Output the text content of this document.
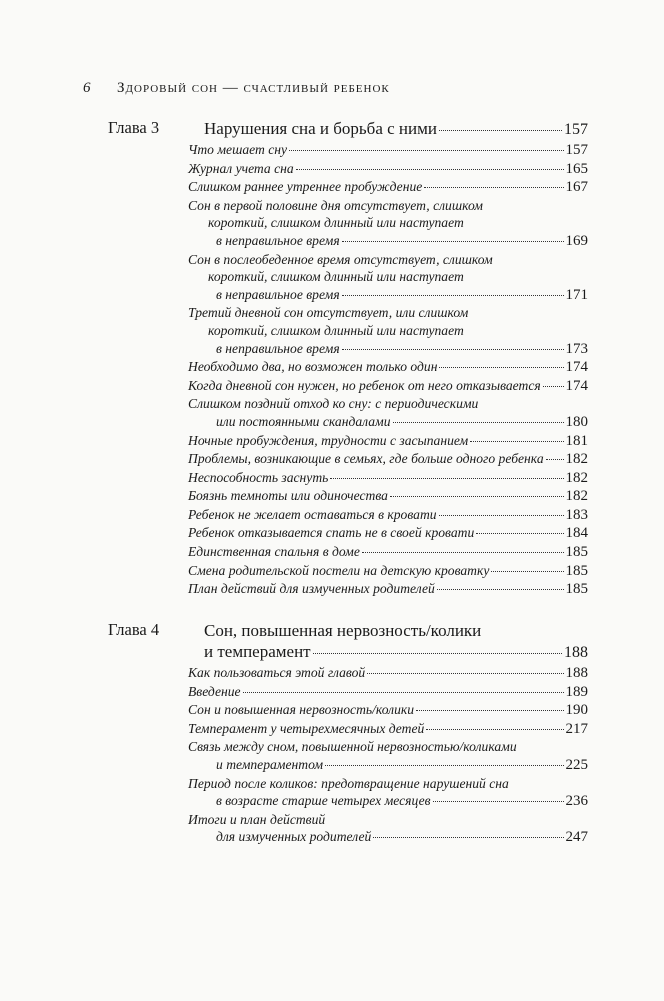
6 Здоровый сон — счастливый ребенок
Глава 3	Нарушения сна и борьба с ними	157
Что мешает сну	157
Журнал учета сна	165
Слишком раннее утреннее пробуждение	167
Сон в первой половине дня отсутствует, слишком
короткий, слишком длинный или наступает
в неправильное время	169
Сон в послеобеденное время отсутствует, слишком
короткий, слишком длинный или наступает
в неправильное время	171
Третий дневной сон отсутствует, или слишком
короткий, слишком длинный или наступает
в неправильное время	173
Необходимо два, но возможен только один	174
Когда дневной сон нужен, но ребенок от него отказывается 174
Слишком поздний отход ко сну: с периодическими
или постоянными скандалами	180
Ночные пробуждения, трудности с засыпанием	181
Проблемы, возникающие в семьях, где больше одного ребенка 182
Неспособность заснуть	182
Боязнь темноты или одиночества	182
Ребенок не желает оставаться в кровати	183
Ребенок отказывается спать не в своей кровати	184
Единственная спальня в доме	185
Смена родительской постели на детскую кроватку	185
План действий для измученных родителей	185
Глава 4	Сон, повышенная нервозность/колики
и темперамент	188
Как пользоваться этой главой	188
Введение	189
Сон и повышенная нервозность/колики	190
Темперамент у четырехмесячных детей	217
Связь между сном, повышенной нервозностью/коликами
и темпераментом	225
Период после коликов: предотвращение нарушений сна
в возрасте старше четырех месяцев	236
Итоги и план действий
для измученных родителей	247
